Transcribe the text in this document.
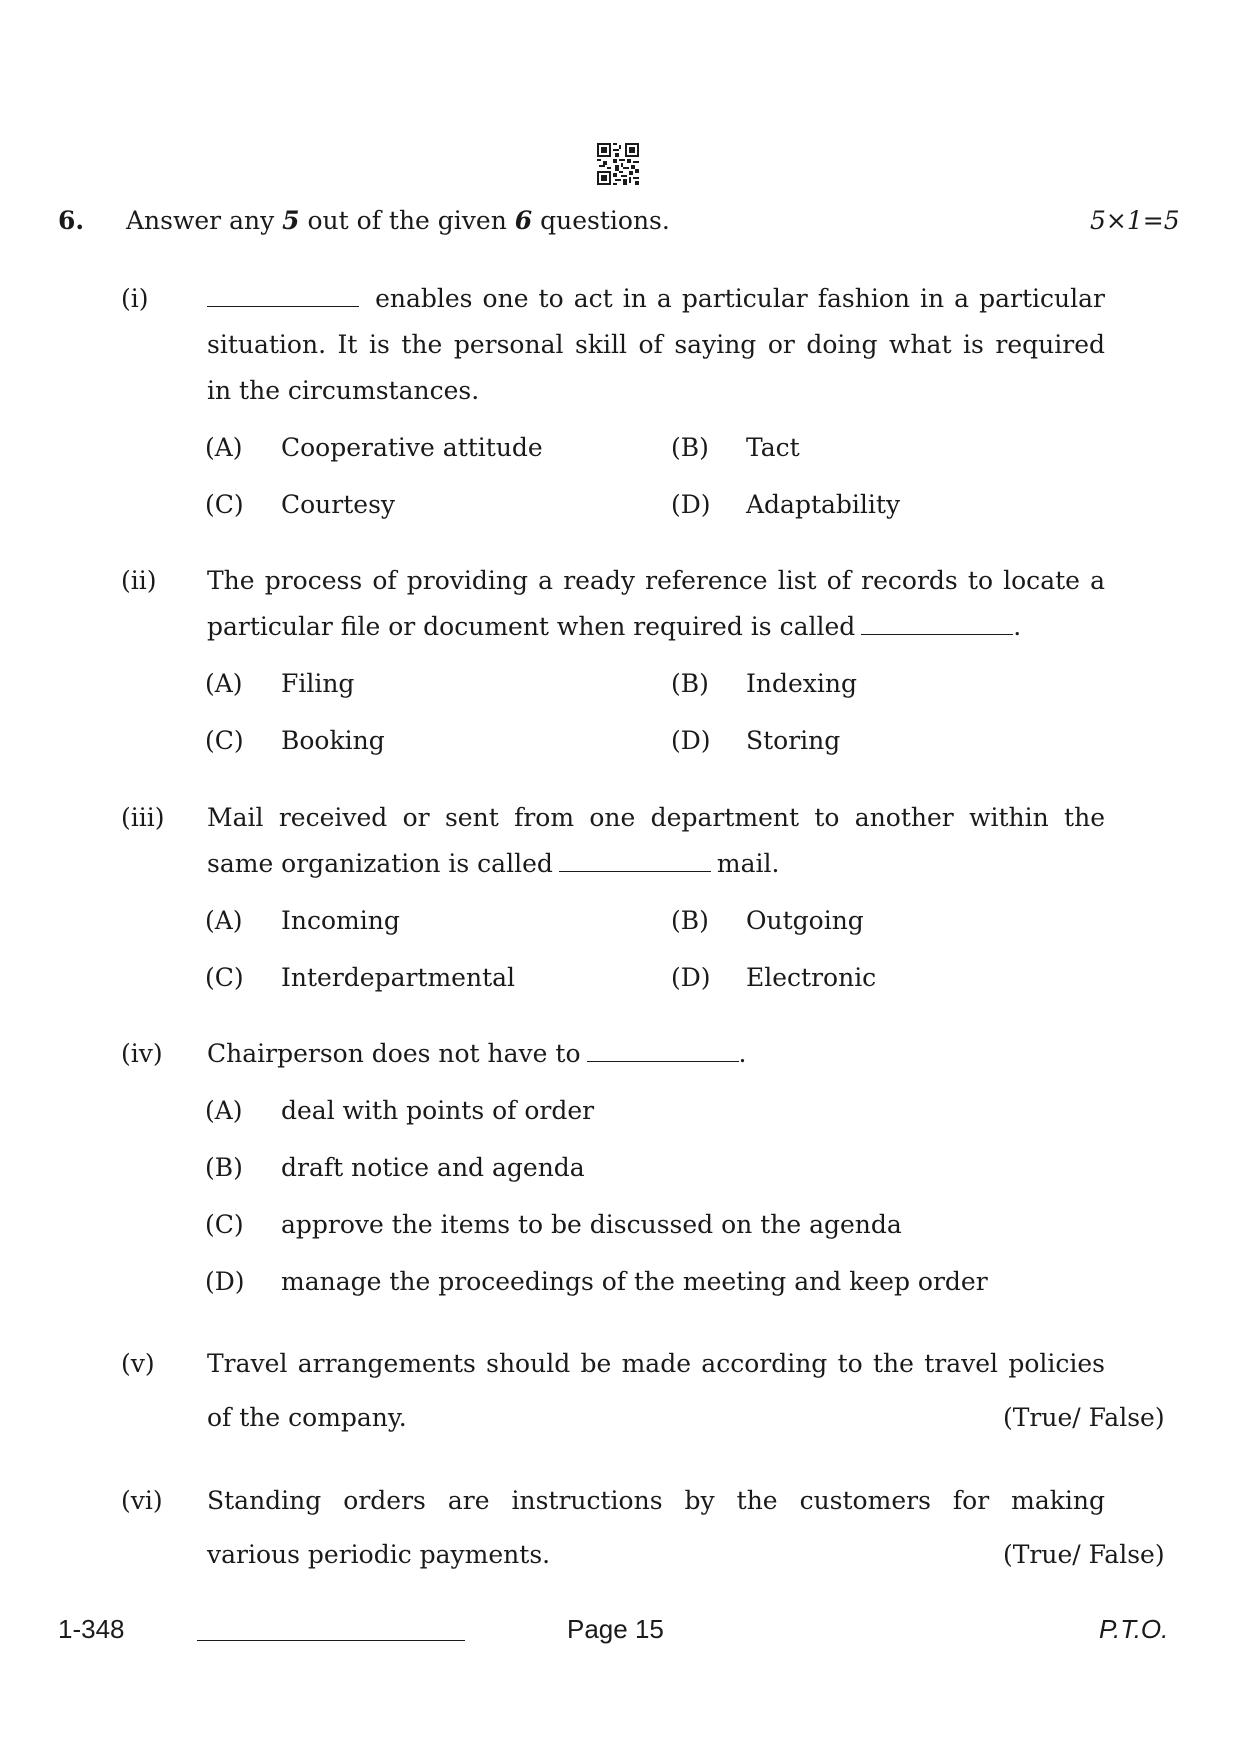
6. Answer any 5 out of the given 6 questions.	5×1=5
(i)	enables one to act in a particular fashion in a particular
situation. It is the personal skill of saying or doing what is required
in the circumstances.
(A) Cooperative attitude	(B) Tact
(C) Courtesy	(D) Adaptability
(ii) The process of providing a ready reference list of records to locate a
particular file or document when required is called	.
(A) Filing	(B) Indexing
(C) Booking	(D) Storing
(iii) Mail received or sent from one department to another within the
same organization is called	mail.
(A) Incoming	(B) Outgoing
(C) Interdepartmental	(D) Electronic
(iv) Chairperson does not have to	.
(A) deal with points of order
(B) draft notice and agenda
(C) approve the items to be discussed on the agenda
(D) manage the proceedings of the meeting and keep order
(v) Travel arrangements should be made according to the travel policies
of the company.	(True/ False)
(vi) Standing orders are instructions by the customers for making
various periodic payments.	(True/ False)
1-348	Page 15	P.T.O.
